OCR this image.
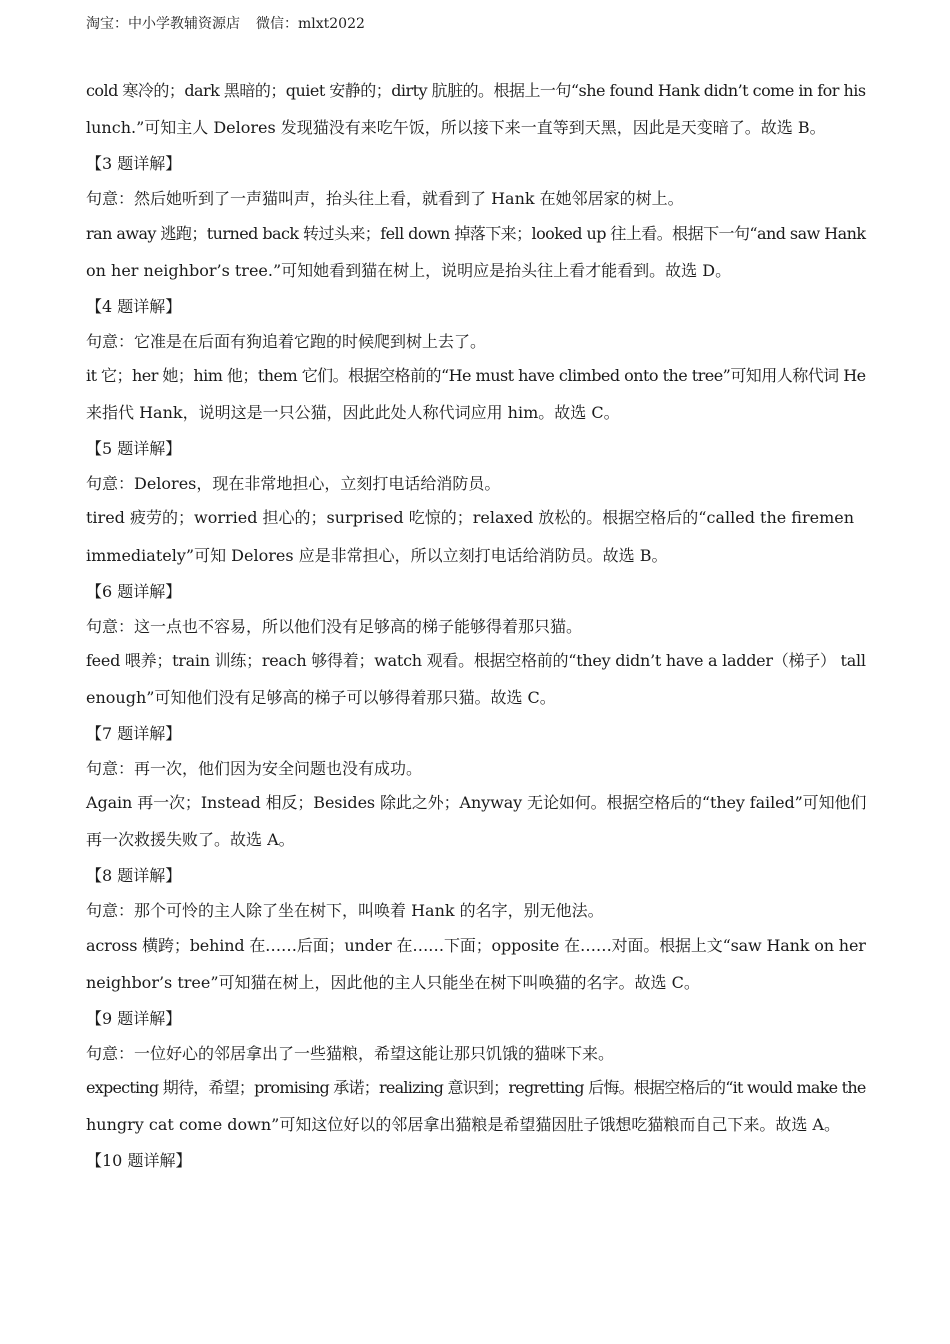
淘宝：中小学教辅资源店 微信：mlxt2022
cold 寒冷的；dark 黑暗的；quiet 安静的；dirty 肮脏的。根据上一句“she found Hank didn’t come in for his
lunch.”可知主人 Delores 发现猫没有来吃午饭，所以接下来一直等到天黑，因此是天变暗了。故选 B。
【3 题详解】
句意：然后她听到了一声猫叫声，抬头往上看，就看到了 Hank 在她邻居家的树上。
ran away 逃跑；turned back 转过头来；fell down 掉落下来；looked up 往上看。根据下一句“and saw Hank
on her neighbor’s tree.”可知她看到猫在树上，说明应是抬头往上看才能看到。故选 D。
【4 题详解】
句意：它准是在后面有狗追着它跑的时候爬到树上去了。
it 它；her 她；him 他；them 它们。根据空格前的“He must have climbed onto the tree”可知用人称代词 He
来指代 Hank，说明这是一只公猫，因此此处人称代词应用 him。故选 C。
【5 题详解】
句意：Delores，现在非常地担心，立刻打电话给消防员。
tired 疲劳的；worried 担心的；surprised 吃惊的；relaxed 放松的。根据空格后的“called the firemen
immediately”可知 Delores 应是非常担心，所以立刻打电话给消防员。故选 B。
【6 题详解】
句意：这一点也不容易，所以他们没有足够高的梯子能够得着那只猫。
feed 喂养；train 训练；reach 够得着；watch 观看。根据空格前的“they didn’t have a ladder（梯子） tall
enough”可知他们没有足够高的梯子可以够得着那只猫。故选 C。
【7 题详解】
句意：再一次，他们因为安全问题也没有成功。
Again 再一次；Instead 相反；Besides 除此之外；Anyway 无论如何。根据空格后的“they failed”可知他们
再一次救援失败了。故选 A。
【8 题详解】
句意：那个可怜的主人除了坐在树下，叫唤着 Hank 的名字，别无他法。
across 横跨；behind 在……后面；under 在……下面；opposite 在……对面。根据上文“saw Hank on her
neighbor’s tree”可知猫在树上，因此他的主人只能坐在树下叫唤猫的名字。故选 C。
【9 题详解】
句意：一位好心的邻居拿出了一些猫粮，希望这能让那只饥饿的猫咪下来。
expecting 期待，希望；promising 承诺；realizing 意识到；regretting 后悔。根据空格后的“it would make the
hungry cat come down”可知这位好以的邻居拿出猫粮是希望猫因肚子饿想吃猫粮而自己下来。故选 A。
【10 题详解】
